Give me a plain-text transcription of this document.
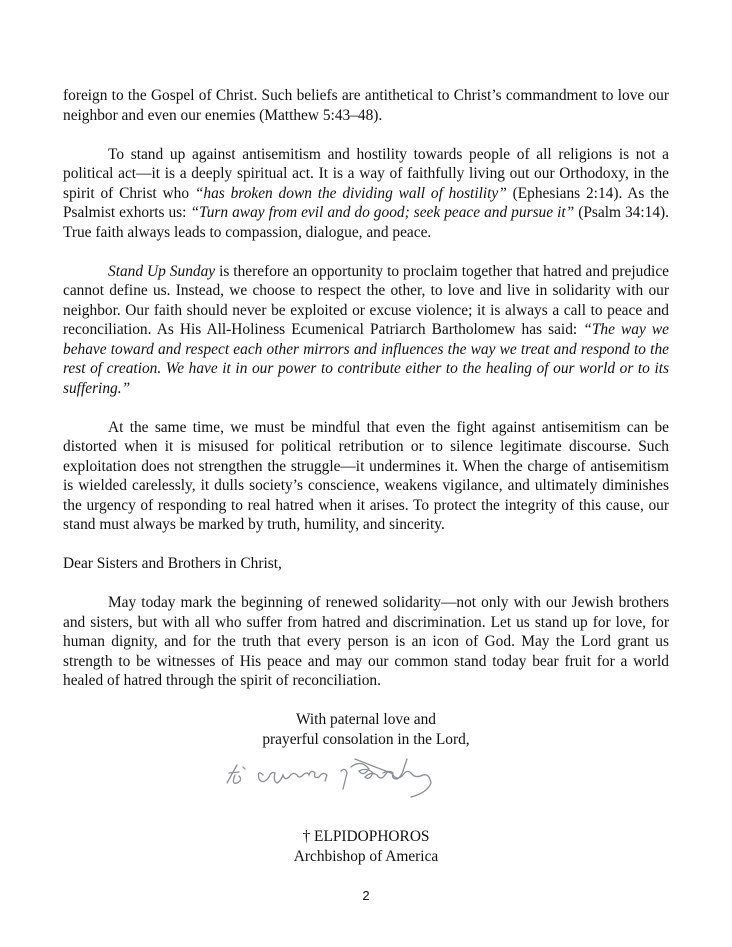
foreign to the Gospel of Christ. Such beliefs are antithetical to Christ’s commandment to love our neighbor and even our enemies (Matthew 5:43–48).

To stand up against antisemitism and hostility towards people of all religions is not a political act—it is a deeply spiritual act. It is a way of faithfully living out our Orthodoxy, in the spirit of Christ who “has broken down the dividing wall of hostility” (Ephesians 2:14). As the Psalmist exhorts us: “Turn away from evil and do good; seek peace and pursue it” (Psalm 34:14). True faith always leads to compassion, dialogue, and peace.

Stand Up Sunday is therefore an opportunity to proclaim together that hatred and prejudice cannot define us. Instead, we choose to respect the other, to love and live in solidarity with our neighbor. Our faith should never be exploited or excuse violence; it is always a call to peace and reconciliation. As His All-Holiness Ecumenical Patriarch Bartholomew has said: “The way we behave toward and respect each other mirrors and influences the way we treat and respond to the rest of creation. We have it in our power to contribute either to the healing of our world or to its suffering.”

At the same time, we must be mindful that even the fight against antisemitism can be distorted when it is misused for political retribution or to silence legitimate discourse. Such exploitation does not strengthen the struggle—it undermines it. When the charge of antisemitism is wielded carelessly, it dulls society’s conscience, weakens vigilance, and ultimately diminishes the urgency of responding to real hatred when it arises. To protect the integrity of this cause, our stand must always be marked by truth, humility, and sincerity.

Dear Sisters and Brothers in Christ,

May today mark the beginning of renewed solidarity—not only with our Jewish brothers and sisters, but with all who suffer from hatred and discrimination. Let us stand up for love, for human dignity, and for the truth that every person is an icon of God. May the Lord grant us strength to be witnesses of His peace and may our common stand today bear fruit for a world healed of hatred through the spirit of reconciliation.

With paternal love and

prayerful consolation in the Lord,

† ELPIDOPHOROS

Archbishop of America

2
